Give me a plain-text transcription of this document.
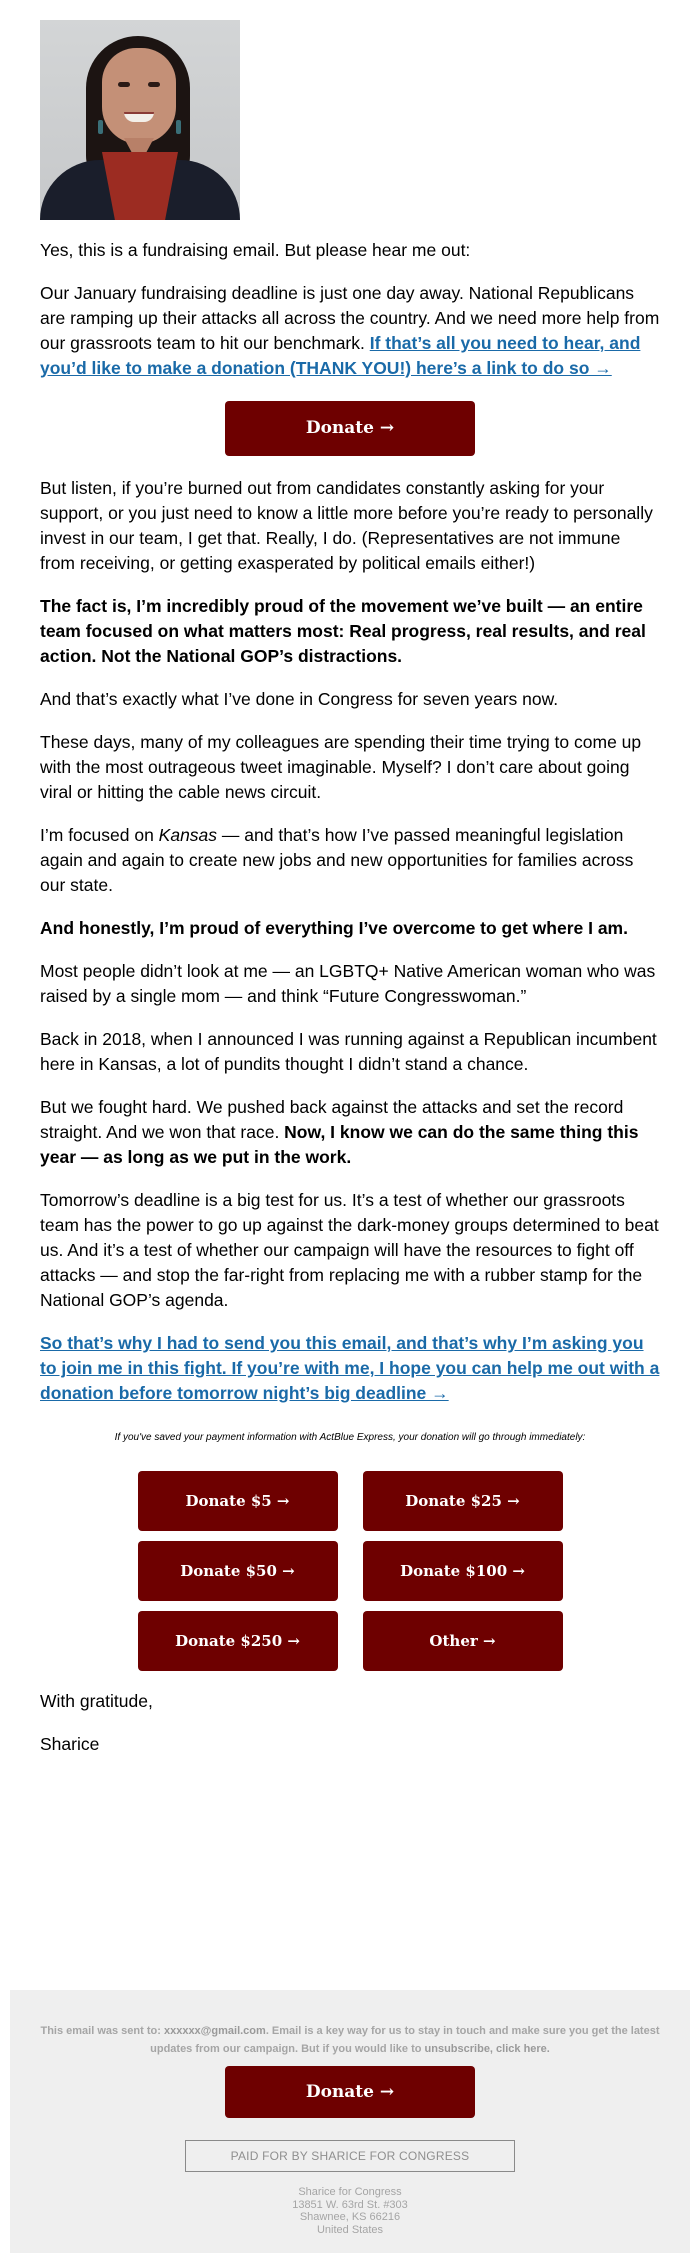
Yes, this is a fundraising email. But please hear me out:

Our January fundraising deadline is just one day away. National Republicans are ramping up their attacks all across the country. And we need more help from our grassroots team to hit our benchmark. If that’s all you need to hear, and you’d like to make a donation (THANK YOU!) here’s a link to do so →

Donate →

But listen, if you’re burned out from candidates constantly asking for your support, or you just need to know a little more before you’re ready to personally invest in our team, I get that. Really, I do. (Representatives are not immune from receiving, or getting exasperated by political emails either!)

The fact is, I’m incredibly proud of the movement we’ve built — an entire team focused on what matters most: Real progress, real results, and real action. Not the National GOP’s distractions.

And that’s exactly what I’ve done in Congress for seven years now.

These days, many of my colleagues are spending their time trying to come up with the most outrageous tweet imaginable. Myself? I don’t care about going viral or hitting the cable news circuit.

I’m focused on Kansas — and that’s how I’ve passed meaningful legislation again and again to create new jobs and new opportunities for families across our state.

And honestly, I’m proud of everything I’ve overcome to get where I am.

Most people didn’t look at me — an LGBTQ+ Native American woman who was raised by a single mom — and think “Future Congresswoman.”

Back in 2018, when I announced I was running against a Republican incumbent here in Kansas, a lot of pundits thought I didn’t stand a chance.

But we fought hard. We pushed back against the attacks and set the record straight. And we won that race. Now, I know we can do the same thing this year — as long as we put in the work.

Tomorrow’s deadline is a big test for us. It’s a test of whether our grassroots team has the power to go up against the dark-money groups determined to beat us. And it’s a test of whether our campaign will have the resources to fight off attacks — and stop the far-right from replacing me with a rubber stamp for the National GOP’s agenda.

So that’s why I had to send you this email, and that’s why I’m asking you to join me in this fight. If you’re with me, I hope you can help me out with a donation before tomorrow night’s big deadline →

If you've saved your payment information with ActBlue Express, your donation will go through immediately:

Donate $5 →	Donate $25 →
Donate $50 →	Donate $100 →
Donate $250 →	Other →

With gratitude,

Sharice

This email was sent to: xxxxxx@gmail.com. Email is a key way for us to stay in touch and make sure you get the latest updates from our campaign. But if you would like to unsubscribe, click here.

Donate →
PAID FOR BY SHARICE FOR CONGRESS
Sharice for Congress
13851 W. 63rd St. #303
Shawnee, KS 66216
United States
